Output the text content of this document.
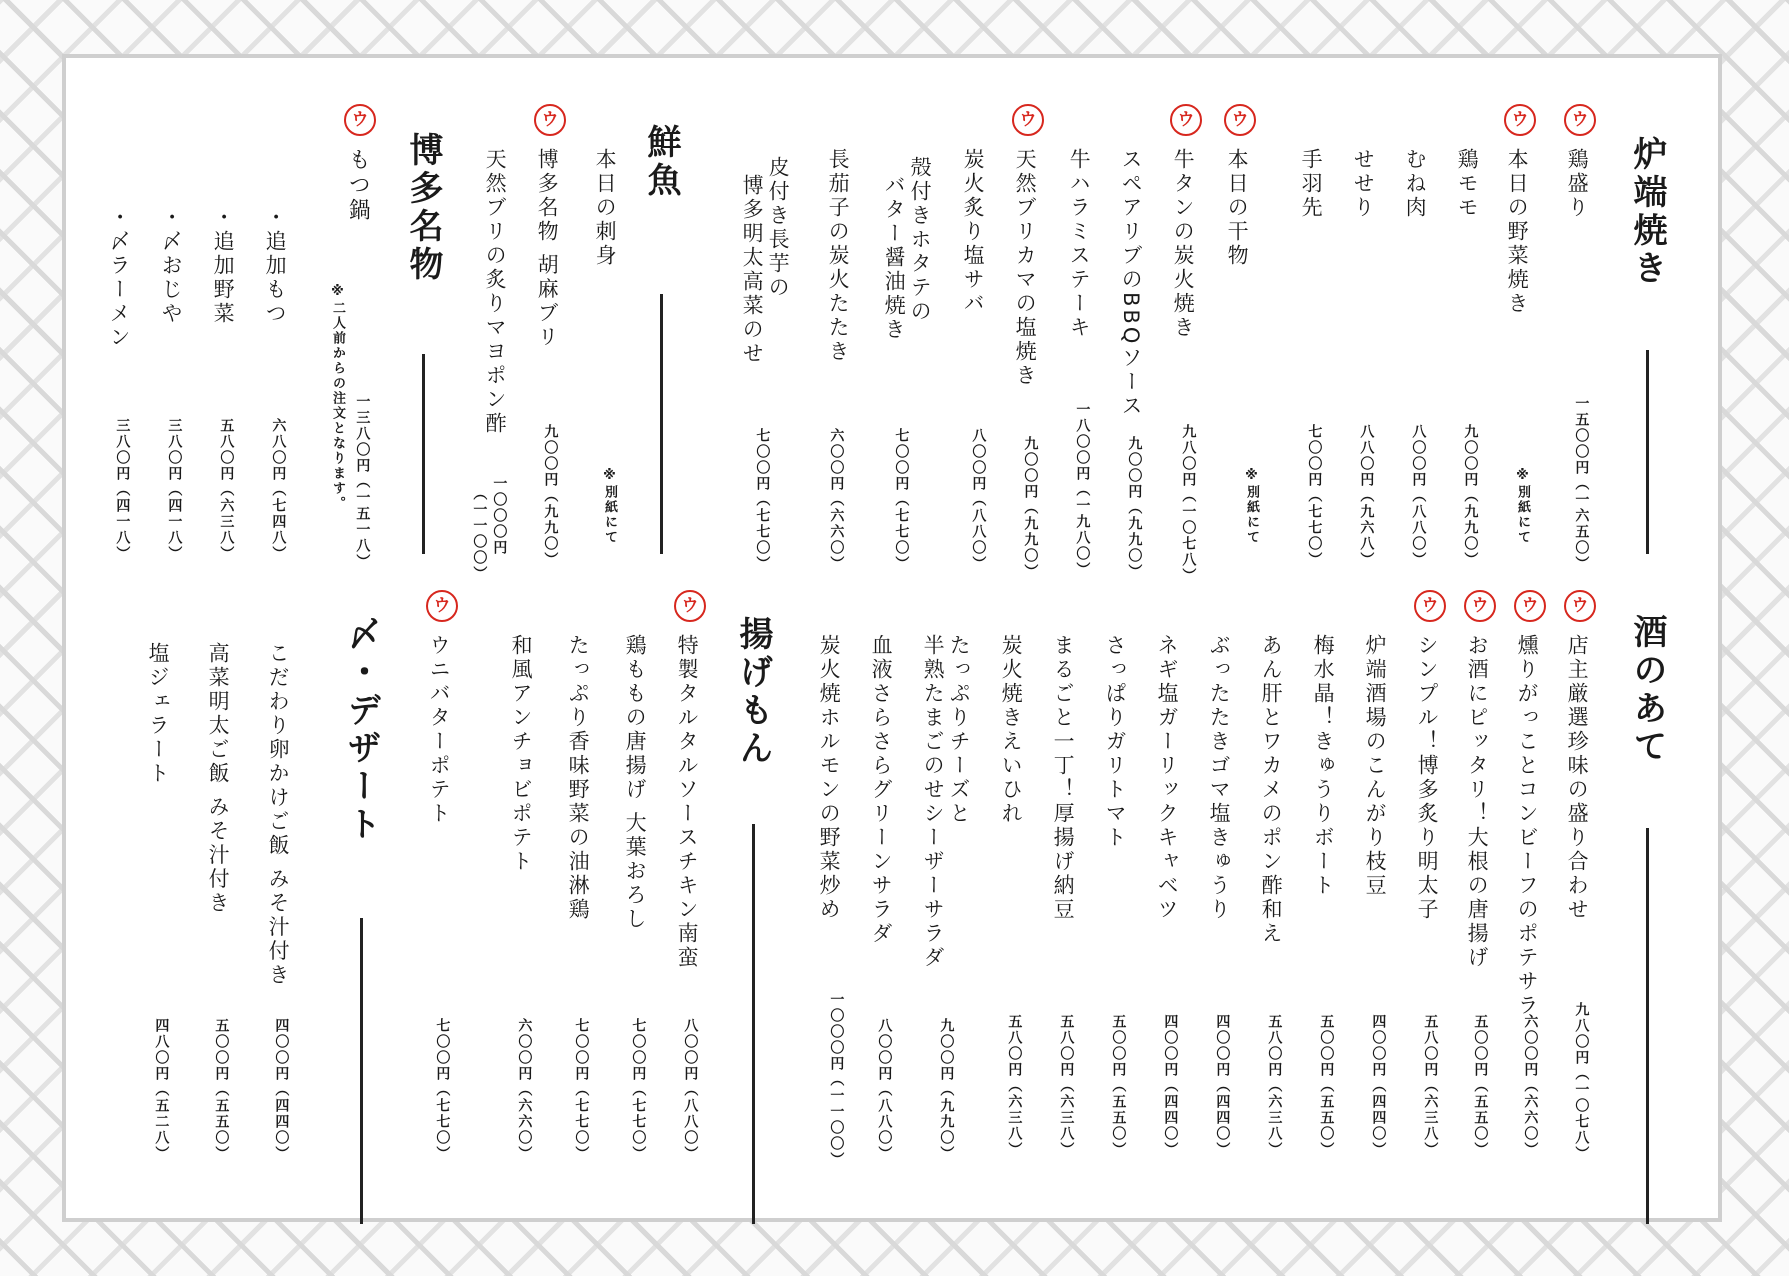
炉端焼き
ウ
鶏盛り
一五〇〇円（一六五〇）
ウ
本日の野菜焼き
※別紙にて
鶏モモ
九〇〇円（九九〇）
むね肉
八〇〇円（八八〇）
せせり
八八〇円（九六八）
手羽先
七〇〇円（七七〇）
ウ
本日の干物
※別紙にて
ウ
牛タンの炭火焼き
九八〇円（一〇七八）
スペアリブのBBQソース
九〇〇円（九九〇）
牛ハラミステーキ
一八〇〇円（一九八〇）
ウ
天然ブリカマの塩焼き
九〇〇円（九九〇）
炭火炙り塩サバ
八〇〇円（八八〇）
殻付きホタテの
バター醤油焼き
七〇〇円（七七〇）
長茄子の炭火たたき
六〇〇円（六六〇）
皮付き長芋の
博多明太高菜のせ
七〇〇円（七七〇）
鮮魚
本日の刺身
※別紙にて
ウ
博多名物 胡麻ブリ
九〇〇円（九九〇）
天然ブリの炙りマヨポン酢
一〇〇〇円
（一一〇〇）
博多名物
ウ
もつ鍋
※二人前からの注文となります。 一三八〇円（一五一八）
・追加もつ
六八〇円（七四八）
・追加野菜
五八〇円（六三八）
・〆おじや
三八〇円（四一八）
・〆ラーメン
三八〇円（四一八）
酒のあて
ウ
店主厳選珍味の盛り合わせ
九八〇円（一〇七八）
ウ
燻りがっことコンビーフのポテサラ
六〇〇円（六六〇）
ウ
お酒にピッタリ！大根の唐揚げ
五〇〇円（五五〇）
ウ
シンプル！博多炙り明太子
五八〇円（六三八）
炉端酒場のこんがり枝豆
四〇〇円（四四〇）
梅水晶！きゅうりボート
五〇〇円（五五〇）
あん肝とワカメのポン酢和え
五八〇円（六三八）
ぶったたきゴマ塩きゅうり
四〇〇円（四四〇）
ネギ塩ガーリックキャベツ
四〇〇円（四四〇）
さっぱりガリトマト
五〇〇円（五五〇）
まるごと一丁！厚揚げ納豆
五八〇円（六三八）
炭火焼きえいひれ
五八〇円（六三八）
たっぷりチーズと
半熟たまごのせシーザーサラダ
九〇〇円（九九〇）
血液さらさらグリーンサラダ
八〇〇円（八八〇）
炭火焼ホルモンの野菜炒め
一〇〇〇円（一一〇〇）
揚げもん
ウ
特製タルタルソースチキン南蛮
八〇〇円（八八〇）
鶏ももの唐揚げ 大葉おろし
七〇〇円（七七〇）
たっぷり香味野菜の油淋鶏
七〇〇円（七七〇）
和風アンチョビポテト
六〇〇円（六六〇）
ウ
ウニバターポテト
七〇〇円（七七〇）
〆・デザート
こだわり卵かけご飯 みそ汁付き
四〇〇円（四四〇）
高菜明太ご飯 みそ汁付き
五〇〇円（五五〇）
塩ジェラート
四八〇円（五二八）
